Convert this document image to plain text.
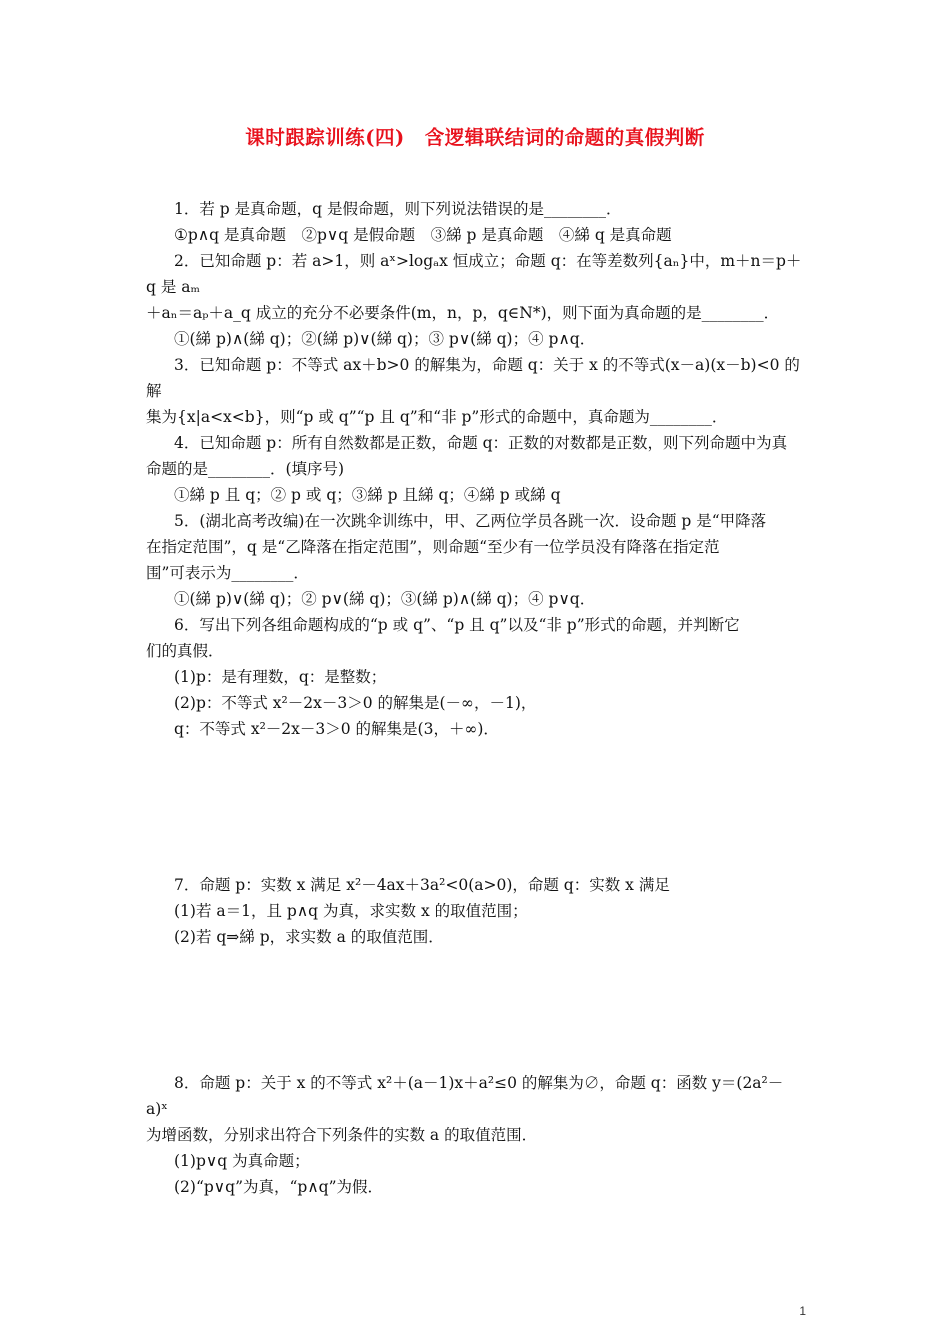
课时跟踪训练(四)　含逻辑联结词的命题的真假判断

1．若 p 是真命题，q 是假命题，则下列说法错误的是________．

①p∧q 是真命题　②p∨q 是假命题　③綈 p 是真命题　④綈 q 是真命题

2．已知命题 p：若 a>1，则 aˣ>logₐx 恒成立；命题 q：在等差数列{aₙ}中，m＋n＝p＋q 是 aₘ

＋aₙ＝aₚ＋a_q 成立的充分不必要条件(m，n，p，q∈N*)，则下面为真命题的是________．

①(綈 p)∧(綈 q)；②(綈 p)∨(綈 q)；③ p∨(綈 q)；④ p∧q．

3．已知命题 p：不等式 ax＋b>0 的解集为，命题 q：关于 x 的不等式(x－a)(x－b)<0 的解

集为{x|a<x<b}，则“p 或 q”“p 且 q”和“非 p”形式的命题中，真命题为________．

4．已知命题 p：所有自然数都是正数，命题 q：正数的对数都是正数，则下列命题中为真

命题的是________．(填序号)

①綈 p 且 q；② p 或 q；③綈 p 且綈 q；④綈 p 或綈 q

5．(湖北高考改编)在一次跳伞训练中，甲、乙两位学员各跳一次．设命题 p 是“甲降落

在指定范围”，q 是“乙降落在指定范围”，则命题“至少有一位学员没有降落在指定范

围”可表示为________．

①(綈 p)∨(綈 q)；② p∨(綈 q)；③(綈 p)∧(綈 q)；④ p∨q．

6．写出下列各组命题构成的“p 或 q”、“p 且 q”以及“非 p”形式的命题，并判断它

们的真假．

(1)p：是有理数，q：是整数；

(2)p：不等式 x²－2x－3＞0 的解集是(－∞，－1)，

q：不等式 x²－2x－3＞0 的解集是(3，＋∞)．

7．命题 p：实数 x 满足 x²－4ax＋3a²<0(a>0)，命题 q：实数 x 满足

(1)若 a＝1，且 p∧q 为真，求实数 x 的取值范围；

(2)若 q⇒綈 p，求实数 a 的取值范围．

8．命题 p：关于 x 的不等式 x²＋(a－1)x＋a²≤0 的解集为∅，命题 q：函数 y＝(2a²－a)ˣ

为增函数，分别求出符合下列条件的实数 a 的取值范围．

(1)p∨q 为真命题；

(2)“p∨q”为真，“p∧q”为假．

1
